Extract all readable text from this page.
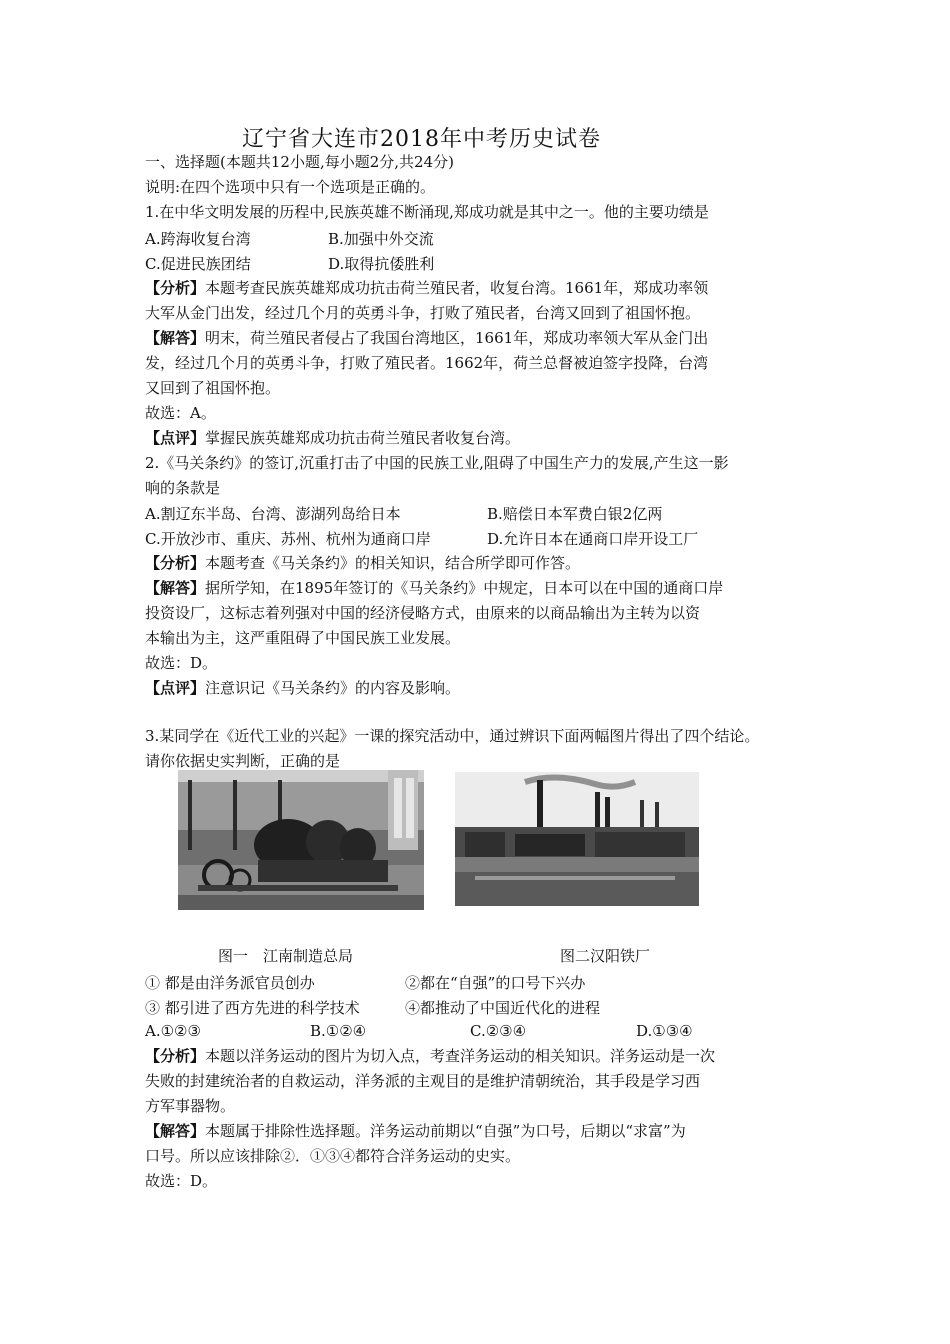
辽宁省大连市2018年中考历史试卷
一、选择题(本题共12小题,每小题2分,共24分)
说明:在四个选项中只有一个选项是正确的。
1.在中华文明发展的历程中,民族英雄不断涌现,郑成功就是其中之一。他的主要功绩是
A.跨海收复台湾	B.加强中外交流
C.促进民族团结	D.取得抗倭胜利
【分析】本题考查民族英雄郑成功抗击荷兰殖民者，收复台湾。1661年，郑成功率领
大军从金门出发，经过几个月的英勇斗争，打败了殖民者，台湾又回到了祖国怀抱。
【解答】明末，荷兰殖民者侵占了我国台湾地区，1661年，郑成功率领大军从金门出
发，经过几个月的英勇斗争，打败了殖民者。1662年，荷兰总督被迫签字投降，台湾
又回到了祖国怀抱。
故选：A。
【点评】掌握民族英雄郑成功抗击荷兰殖民者收复台湾。
2.《马关条约》的签订,沉重打击了中国的民族工业,阻碍了中国生产力的发展,产生这一影
响的条款是
A.割辽东半岛、台湾、澎湖列岛给日本	B.赔偿日本军费白银2亿两
C.开放沙市、重庆、苏州、杭州为通商口岸	D.允许日本在通商口岸开设工厂
【分析】本题考查《马关条约》的相关知识，结合所学即可作答。
【解答】据所学知，在1895年签订的《马关条约》中规定，日本可以在中国的通商口岸
投资设厂，这标志着列强对中国的经济侵略方式，由原来的以商品输出为主转为以资
本输出为主，这严重阻碍了中国民族工业发展。
故选：D。
【点评】注意识记《马关条约》的内容及影响。
3.某同学在《近代工业的兴起》一课的探究活动中，通过辨识下面两幅图片得出了四个结论。
请你依据史实判断，正确的是
图一　江南制造总局	图二汉阳铁厂
① 都是由洋务派官员创办	②都在“自强”的口号下兴办
③ 都引进了西方先进的科学技术	④都推动了中国近代化的进程
A.①②③	B.①②④	C.②③④	D.①③④
【分析】本题以洋务运动的图片为切入点，考查洋务运动的相关知识。洋务运动是一次
失败的封建统治者的自救运动，洋务派的主观目的是维护清朝统治，其手段是学习西
方军事器物。
【解答】本题属于排除性选择题。洋务运动前期以“自强”为口号，后期以“求富”为
口号。所以应该排除②．①③④都符合洋务运动的史实。
故选：D。
